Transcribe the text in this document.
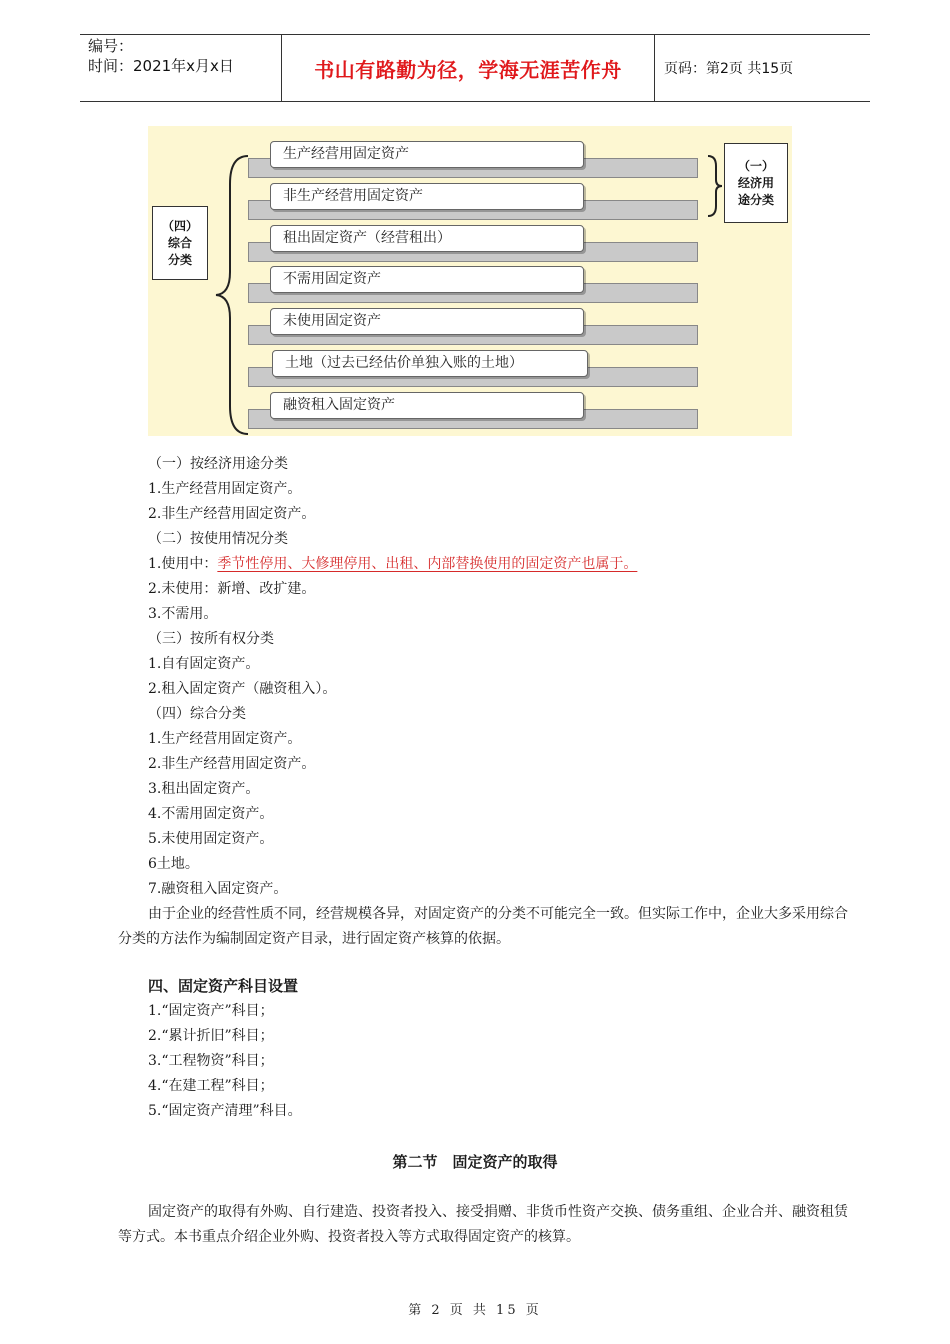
编号：
时间：2021年x月x日	书山有路勤为径，学海无涯苦作舟	页码：第2页 共15页
（四）
综合
分类
（一）
经济用
途分类
生产经营用固定资产
非生产经营用固定资产
租出固定资产（经营租出）
不需用固定资产
未使用固定资产
土地（过去已经估价单独入账的土地）
融资租入固定资产
（一）按经济用途分类
1.生产经营用固定资产。
2.非生产经营用固定资产。
（二）按使用情况分类
1.使用中：季节性停用、大修理停用、出租、内部替换使用的固定资产也属于。
2.未使用：新增、改扩建。
3.不需用。
（三）按所有权分类
1.自有固定资产。
2.租入固定资产（融资租入）。
（四）综合分类
1.生产经营用固定资产。
2.非生产经营用固定资产。
3.租出固定资产。
4.不需用固定资产。
5.未使用固定资产。
6土地。
7.融资租入固定资产。
由于企业的经营性质不同，经营规模各异，对固定资产的分类不可能完全一致。但实际工作中，企业大多采用综合分类的方法作为编制固定资产目录，进行固定资产核算的依据。
四、固定资产科目设置
1.“固定资产”科目；
2.“累计折旧”科目；
3.“工程物资”科目；
4.“在建工程”科目；
5.“固定资产清理”科目。
第二节　固定资产的取得
固定资产的取得有外购、自行建造、投资者投入、接受捐赠、非货币性资产交换、债务重组、企业合并、融资租赁等方式。本书重点介绍企业外购、投资者投入等方式取得固定资产的核算。
第 2 页 共 15 页
